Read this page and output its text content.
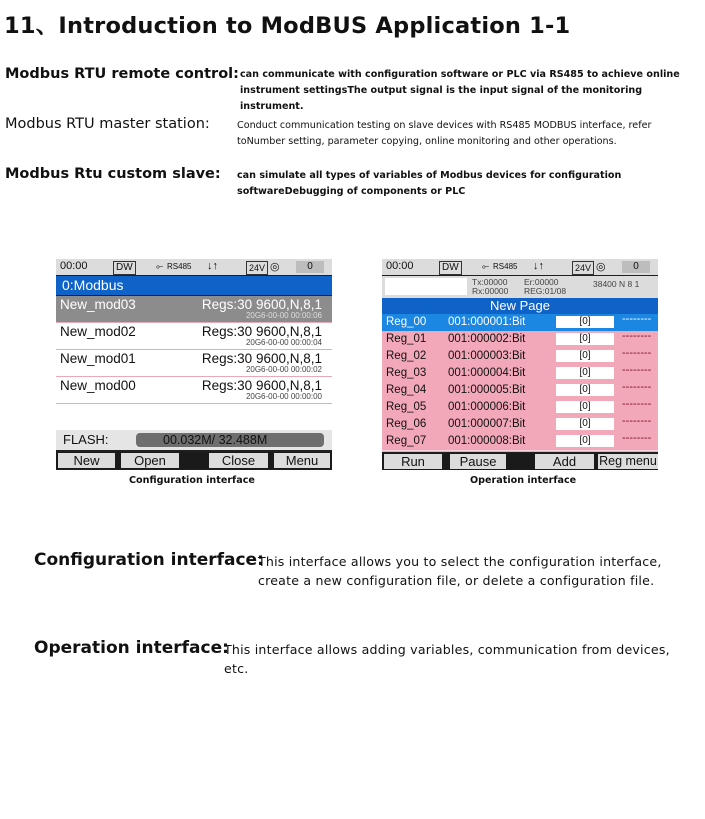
11、Introduction to ModBUS Application 1-1
Modbus RTU remote control: can communicate with configuration software or PLC via RS485 to achieve online
instrument settingsThe output signal is the input signal of the monitoring instrument.
Modbus RTU master station:	Conduct communication testing on slave devices with RS485 MODBUS interface, refer
toNumber setting, parameter copying, online monitoring and other operations.
Modbus Rtu custom slave: can simulate all types of variables of Modbus devices for configuration
softwareDebugging of components or PLC
00:00	DW	⟜ RS485 ↓↑	24V ◎	0
0:Modbus
New_mod03	Regs:30 9600,N,8,1
20G6-00-00 00:00:06
New_mod02	Regs:30 9600,N,8,1
20G6-00-00 00:00:04
New_mod01	Regs:30 9600,N,8,1
20G6-00-00 00:00:02
New_mod00	Regs:30 9600,N,8,1
20G6-00-00 00:00:00
FLASH:	00.032M/ 32.488M
New	Open	Close	Menu
Configuration interface
00:00	DW	⟜ RS485 ↓↑	24V ◎	0
Tx:00000 Er:00000
Rx:00000 REG:01/08
38400 N 8 1
New Page
Reg_00 001:000001:Bit	[0]	--------
Reg_01 001:000002:Bit	[0]	--------
Reg_02 001:000003:Bit	[0]	--------
Reg_03 001:000004:Bit	[0]	--------
Reg_04 001:000005:Bit	[0]	--------
Reg_05 001:000006:Bit	[0]	--------
Reg_06 001:000007:Bit	[0]	--------
Reg_07 001:000008:Bit	[0]	--------
Run	Pause	Add	Reg menu
Operation interface
Configuration interface:
This interface allows you to select the configuration interface,
create a new configuration file, or delete a configuration file.
Operation interface:
This interface allows adding variables, communication from devices,
etc.
